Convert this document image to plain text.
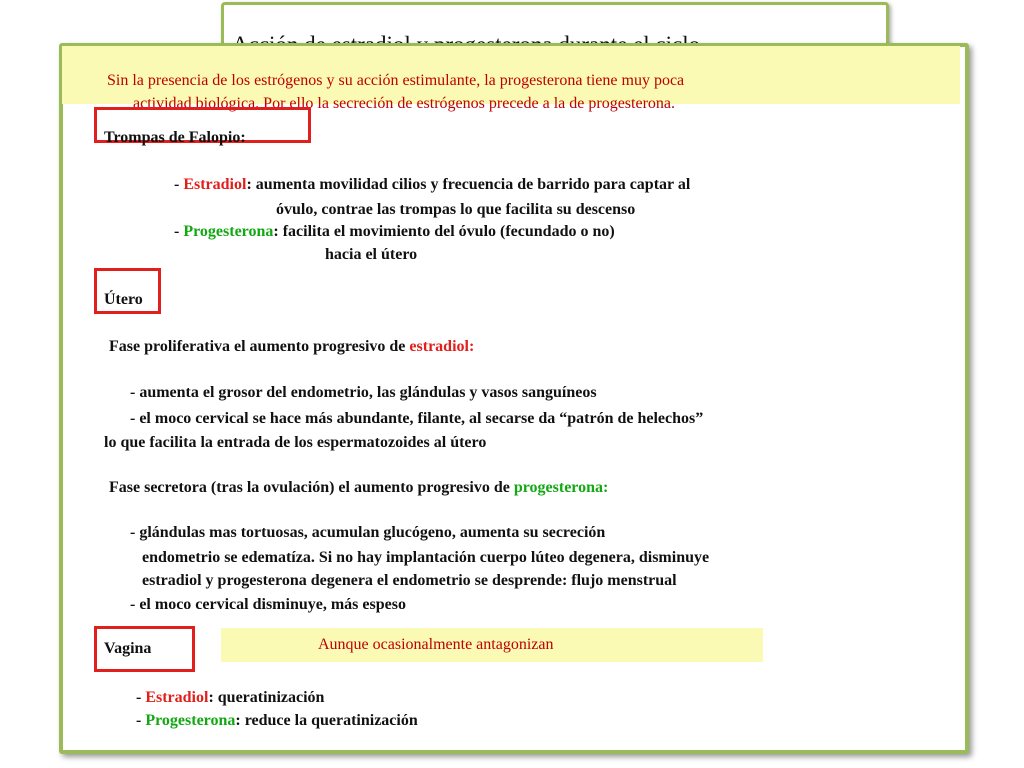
Sin la presencia de los estrógenos y su acción estimulante, la progesterona tiene muy poca
actividad biológica. Por ello la secreción de estrógenos precede a la de progesterona.
Trompas de Falopio:
- Estradiol: aumenta movilidad cilios y frecuencia de barrido para captar al
óvulo, contrae las trompas lo que facilita su descenso
- Progesterona: facilita el movimiento del óvulo (fecundado o no)
hacia el útero
Útero
Fase proliferativa el aumento progresivo de estradiol:
- aumenta el grosor del endometrio, las glándulas y vasos sanguíneos
- el moco cervical se hace más abundante, filante, al secarse da “patrón de helechos”
lo que facilita la entrada de los espermatozoides al útero
Fase secretora (tras la ovulación) el aumento progresivo de progesterona:
- glándulas mas tortuosas, acumulan glucógeno, aumenta su secreción
endometrio se edematíza. Si no hay implantación cuerpo lúteo degenera, disminuye
estradiol y progesterona degenera el endometrio se desprende: flujo menstrual
- el moco cervical disminuye, más espeso
Vagina	Aunque ocasionalmente antagonizan
- Estradiol: queratinización
- Progesterona: reduce la queratinización
